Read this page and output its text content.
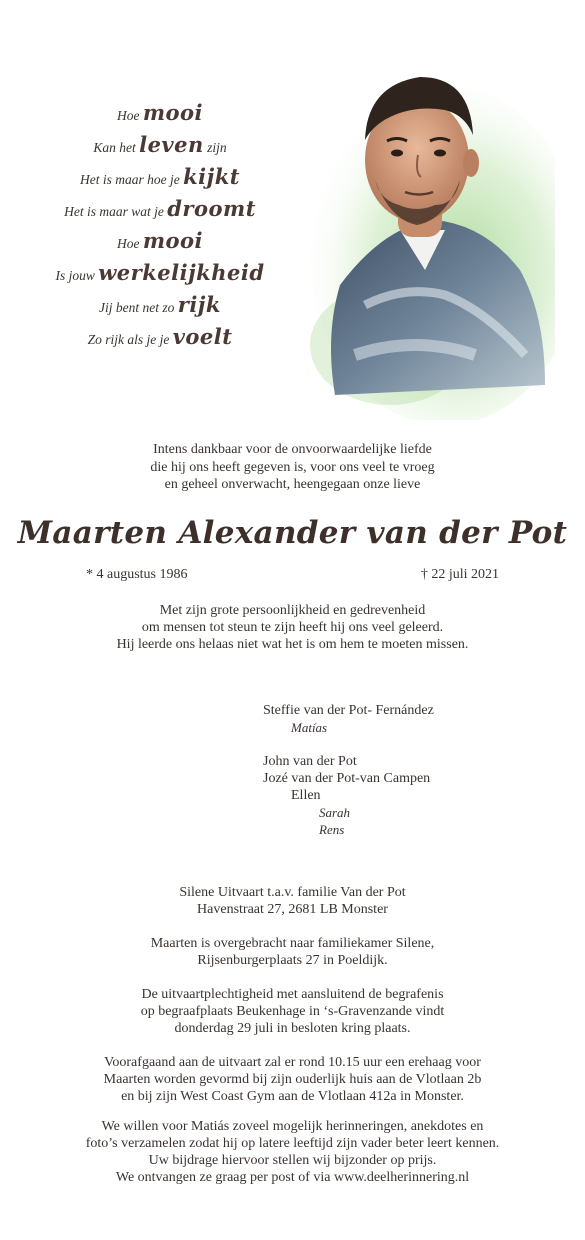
Hoe mooi
Kan het leven zijn
Het is maar hoe je kijkt
Het is maar wat je droomt
Hoe mooi
Is jouw werkelijkheid
Jij bent net zo rijk
Zo rijk als je je voelt
Intens dankbaar voor de onvoorwaardelijke liefde
die hij ons heeft gegeven is, voor ons veel te vroeg
en geheel onverwacht, heengegaan onze lieve
Maarten Alexander van der Pot
* 4 augustus 1986	† 22 juli 2021
Met zijn grote persoonlijkheid en gedrevenheid
om mensen tot steun te zijn heeft hij ons veel geleerd.
Hij leerde ons helaas niet wat het is om hem te moeten missen.
Steffie van der Pot- Fernández
Matías
John van der Pot
Jozé van der Pot-van Campen
Ellen
Sarah
Rens
Silene Uitvaart t.a.v. familie Van der Pot
Havenstraat 27, 2681 LB Monster
Maarten is overgebracht naar familiekamer Silene,
Rijsenburgerplaats 27 in Poeldijk.
De uitvaartplechtigheid met aansluitend de begrafenis
op begraafplaats Beukenhage in ‘s-Gravenzande vindt
donderdag 29 juli in besloten kring plaats.
Voorafgaand aan de uitvaart zal er rond 10.15 uur een erehaag voor
Maarten worden gevormd bij zijn ouderlijk huis aan de Vlotlaan 2b
en bij zijn West Coast Gym aan de Vlotlaan 412a in Monster.
We willen voor Matiás zoveel mogelijk herinneringen, anekdotes en
foto’s verzamelen zodat hij op latere leeftijd zijn vader beter leert kennen.
Uw bijdrage hiervoor stellen wij bijzonder op prijs.
We ontvangen ze graag per post of via www.deelherinnering.nl
